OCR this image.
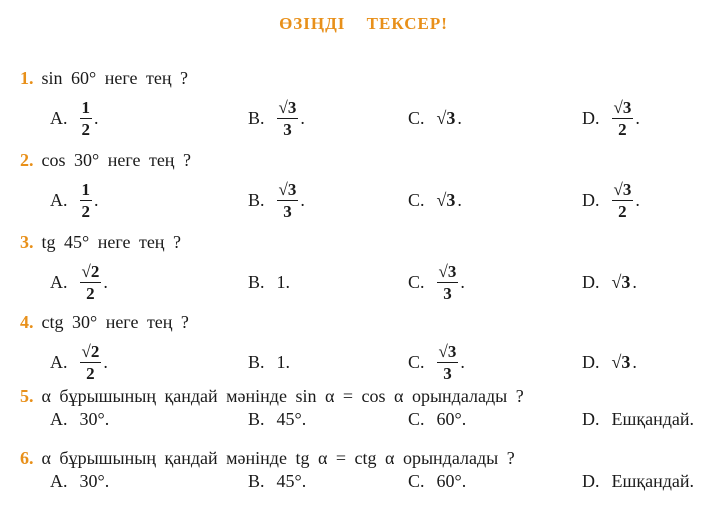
ӨЗІҢДІ ТЕКСЕР!
1. sin 60° неге тең ?
A. $\frac{1}{2}$ .	B. $\frac{√3}{3}$ .	C. √3 .	D. $\frac{√3}{2}$ .
2. cos 30° неге тең ?
A. $\frac{1}{2}$ .	B. $\frac{√3}{3}$ .	C. √3 .	D. $\frac{√3}{2}$ .
3. tg 45° неге тең ?
A. $\frac{√2}{2}$ .	B. 1.	C. $\frac{√3}{3}$ .	D. √3 .
4. ctg 30° неге тең ?
A. $\frac{√2}{2}$ .	B. 1.	C. $\frac{√3}{3}$ .	D. √3 .
5. α бұрышының қандай мәнінде sin α = cos α орындалады ?
A. 30°.	B. 45°.	C. 60°.	D. Ешқандай.
6. α бұрышының қандай мәнінде tg α = ctg α орындалады ?
A. 30°.	B. 45°.	C. 60°.	D. Ешқандай.
